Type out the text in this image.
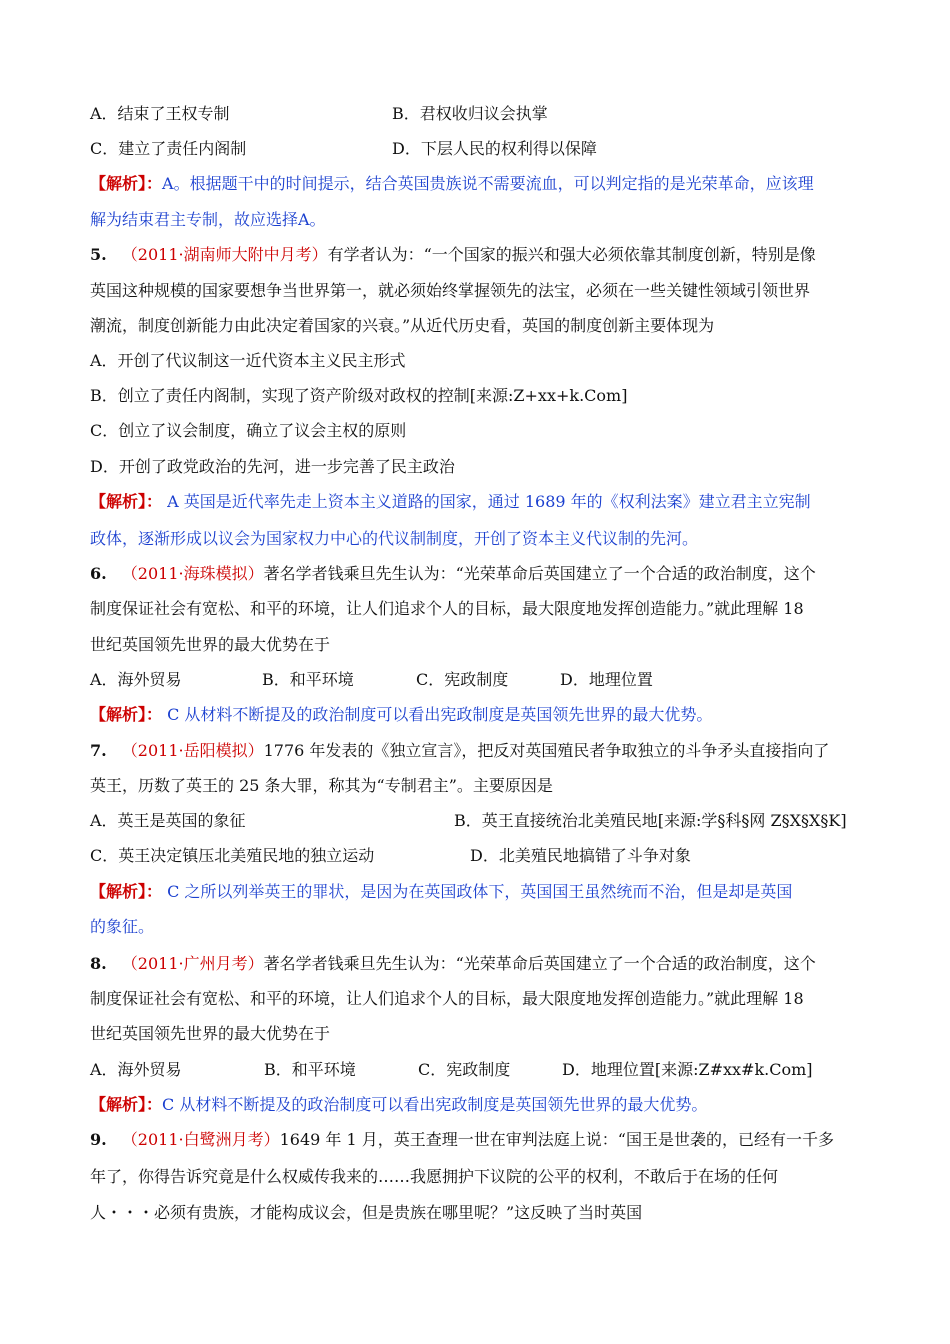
A．结束了王权专制	B．君权收归议会执掌
C．建立了责任内阁制	D．下层人民的权利得以保障
【解析】：A。根据题干中的时间提示，结合英国贵族说不需要流血，可以判定指的是光荣革命，应该理
解为结束君主专制，故应选择A。
5. （2011·湖南师大附中月考）有学者认为：“一个国家的振兴和强大必须依靠其制度创新，特别是像
英国这种规模的国家要想争当世界第一，就必须始终掌握领先的法宝，必须在一些关键性领域引领世界
潮流，制度创新能力由此决定着国家的兴衰。”从近代历史看，英国的制度创新主要体现为
A．开创了代议制这一近代资本主义民主形式
B．创立了责任内阁制，实现了资产阶级对政权的控制[来源:Z+xx+k.Com]
C．创立了议会制度，确立了议会主权的原则
D．开创了政党政治的先河，进一步完善了民主政治
【解析】： A 英国是近代率先走上资本主义道路的国家，通过 1689 年的《权利法案》建立君主立宪制
政体，逐渐形成以议会为国家权力中心的代议制制度，开创了资本主义代议制的先河。
6. （2011·海珠模拟）著名学者钱乘旦先生认为：“光荣革命后英国建立了一个合适的政治制度，这个
制度保证社会有宽松、和平的环境，让人们追求个人的目标，最大限度地发挥创造能力。”就此理解 18
世纪英国领先世界的最大优势在于
A．海外贸易	B．和平环境	C．宪政制度	D．地理位置
【解析】： C 从材料不断提及的政治制度可以看出宪政制度是英国领先世界的最大优势。
7. （2011·岳阳模拟）1776 年发表的《独立宣言》，把反对英国殖民者争取独立的斗争矛头直接指向了
英王，历数了英王的 25 条大罪，称其为“专制君主”。主要原因是
A．英王是英国的象征	B．英王直接统治北美殖民地[来源:学§科§网 Z§X§X§K]
C．英王决定镇压北美殖民地的独立运动	D．北美殖民地搞错了斗争对象
【解析】： C 之所以列举英王的罪状，是因为在英国政体下，英国国王虽然统而不治，但是却是英国
的象征。
8. （2011·广州月考）著名学者钱乘旦先生认为：“光荣革命后英国建立了一个合适的政治制度，这个
制度保证社会有宽松、和平的环境，让人们追求个人的目标，最大限度地发挥创造能力。”就此理解 18
世纪英国领先世界的最大优势在于
A．海外贸易	B．和平环境	C．宪政制度	D．地理位置[来源:Z#xx#k.Com]
【解析】：C 从材料不断提及的政治制度可以看出宪政制度是英国领先世界的最大优势。
9. （2011·白鹭洲月考）1649 年 1 月，英王查理一世在审判法庭上说：“国王是世袭的，已经有一千多
年了，你得告诉究竟是什么权威传我来的……我愿拥护下议院的公平的权利，不敢后于在场的任何
人・・・必须有贵族，才能构成议会，但是贵族在哪里呢？”这反映了当时英国
